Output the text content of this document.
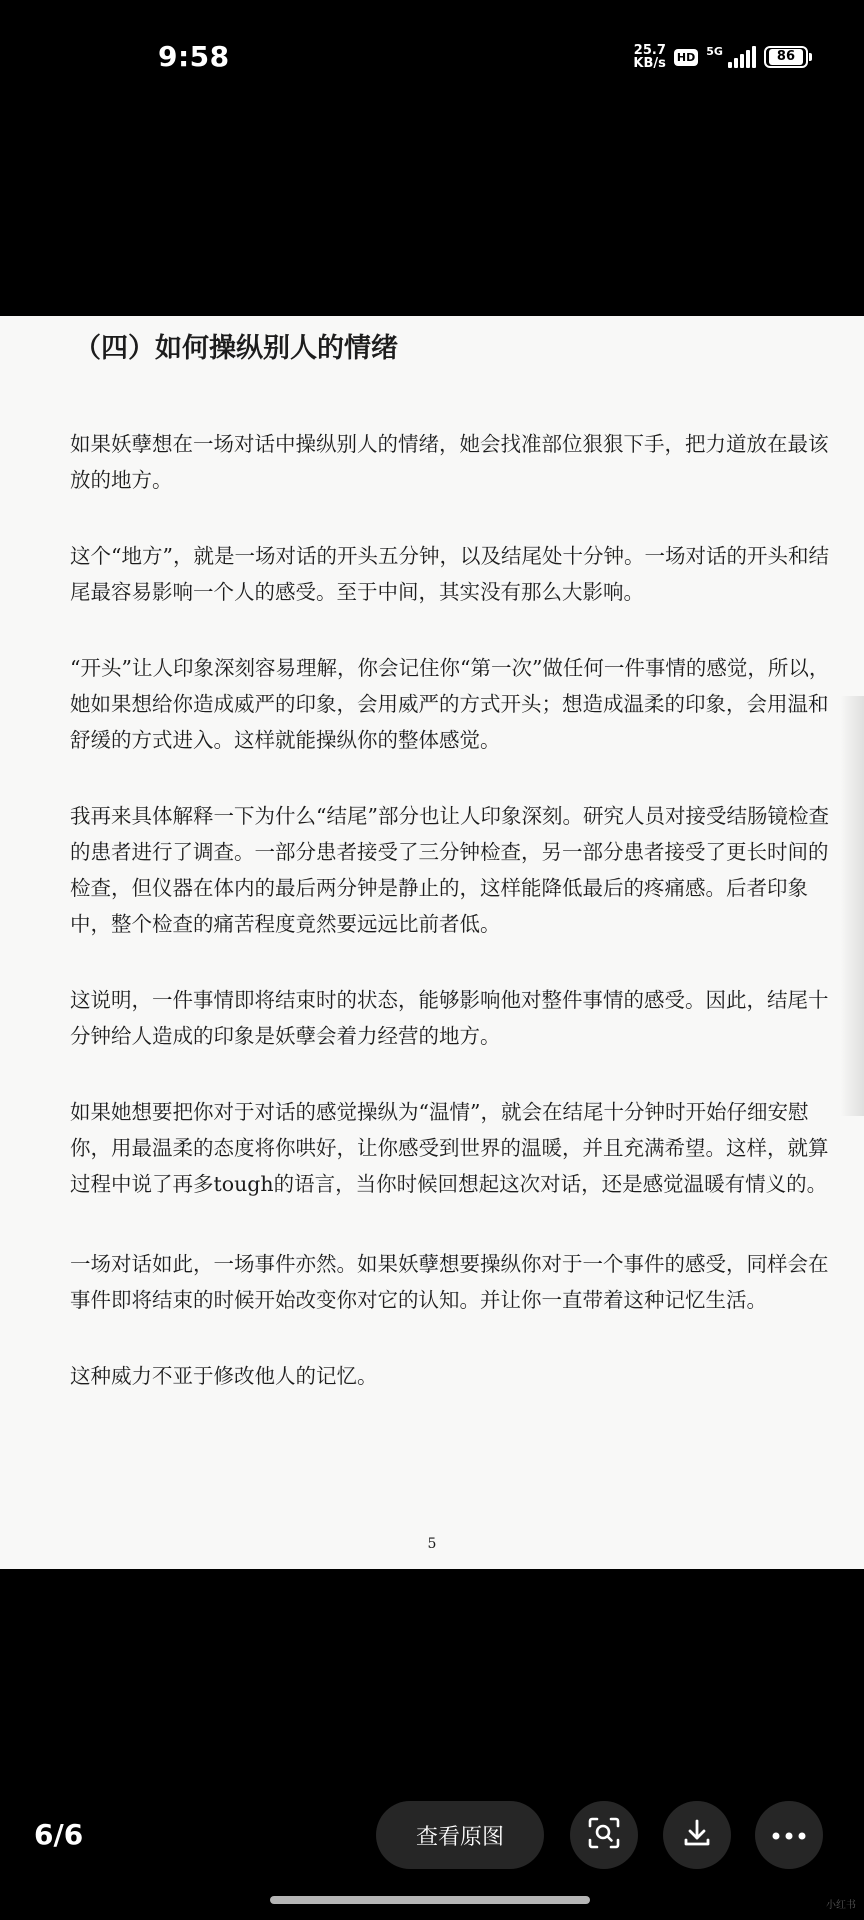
9:58	25.7
KB/s HD 5G	86
（四）如何操纵别人的情绪

如果妖孽想在一场对话中操纵别人的情绪，她会找准部位狠狠下手，把力道放在最该放的地方。

这个“地方”，就是一场对话的开头五分钟，以及结尾处十分钟。一场对话的开头和结尾最容易影响一个人的感受。至于中间，其实没有那么大影响。

“开头”让人印象深刻容易理解，你会记住你“第一次”做任何一件事情的感觉，所以，她如果想给你造成威严的印象，会用威严的方式开头；想造成温柔的印象，会用温和舒缓的方式进入。这样就能操纵你的整体感觉。

我再来具体解释一下为什么“结尾”部分也让人印象深刻。研究人员对接受结肠镜检查的患者进行了调查。一部分患者接受了三分钟检查，另一部分患者接受了更长时间的检查，但仪器在体内的最后两分钟是静止的，这样能降低最后的疼痛感。后者印象中，整个检查的痛苦程度竟然要远远比前者低。

这说明，一件事情即将结束时的状态，能够影响他对整件事情的感受。因此，结尾十分钟给人造成的印象是妖孽会着力经营的地方。

如果她想要把你对于对话的感觉操纵为“温情”，就会在结尾十分钟时开始仔细安慰你，用最温柔的态度将你哄好，让你感受到世界的温暖，并且充满希望。这样，就算过程中说了再多tough的语言，当你时候回想起这次对话，还是感觉温暖有情义的。

一场对话如此，一场事件亦然。如果妖孽想要操纵你对于一个事件的感受，同样会在事件即将结束的时候开始改变你对它的认知。并让你一直带着这种记忆生活。

这种威力不亚于修改他人的记忆。

5
6/6	查看原图
小红书
